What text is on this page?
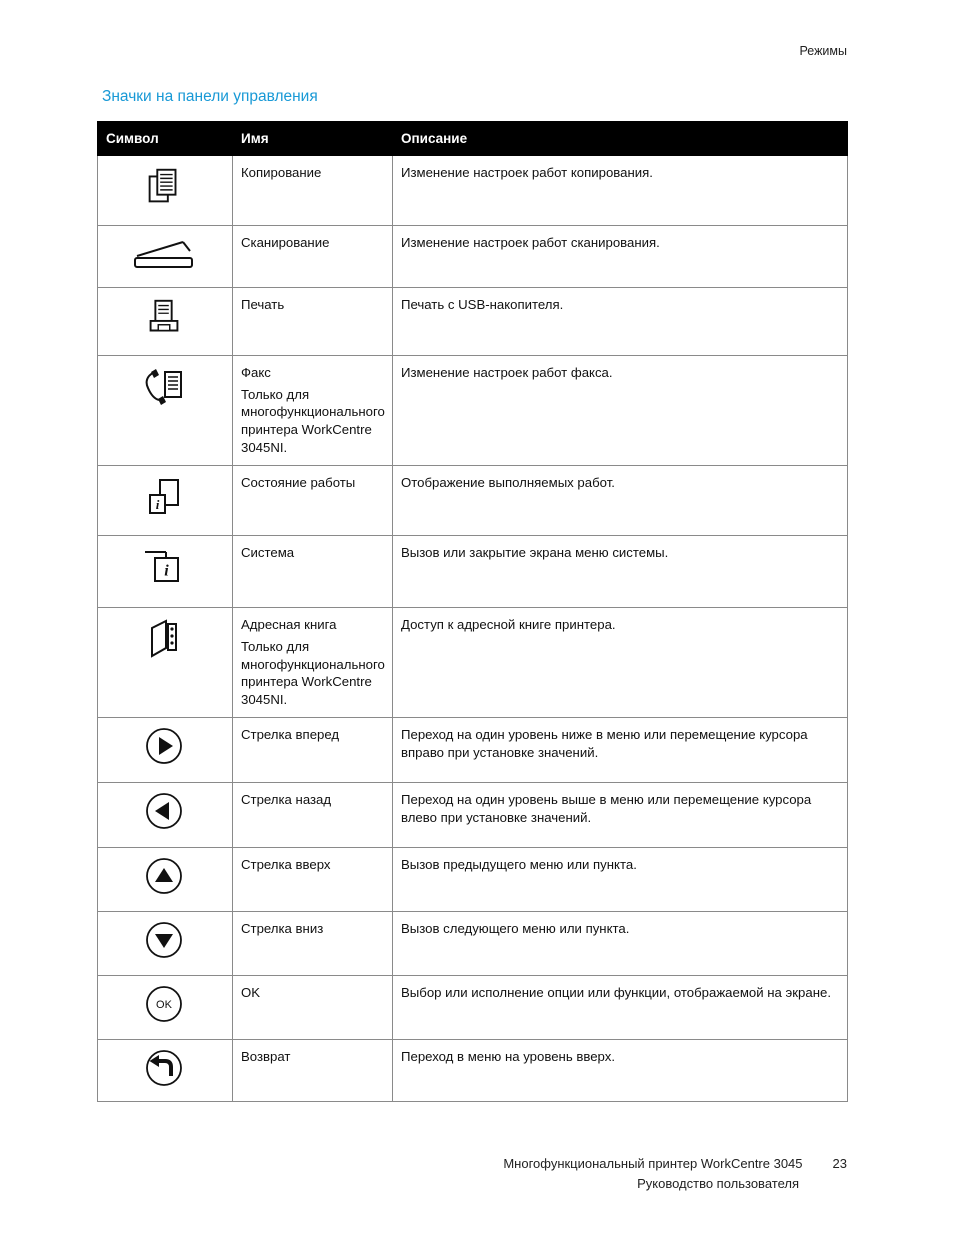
Режимы
Значки на панели управления
Символ	Имя	Описание

Копирование	Изменение настроек работ копирования.

Сканирование	Изменение настроек работ сканирования.

Печать	Печать с USB-накопителя.

Факс
Только для многофункционального принтера WorkCentre 3045NI.	Изменение настроек работ факса.

i	Состояние работы	Отображение выполняемых работ.

i	Система	Вызов или закрытие экрана меню системы.

Адресная книга
Только для многофункционального принтера WorkCentre 3045NI.	Доступ к адресной книге принтера.

Стрелка вперед	Переход на один уровень ниже в меню или перемещение курсора вправо при установке значений.

Стрелка назад	Переход на один уровень выше в меню или перемещение курсора влево при установке значений.

Стрелка вверх	Вызов предыдущего меню или пункта.

Стрелка вниз	Вызов следующего меню или пункта.

OK	OK	Выбор или исполнение опции или функции, отображаемой на экране.

Возврат	Переход в меню на уровень вверх.
Многофункциональный принтер WorkCentre 3045 23
Руководство пользователя
